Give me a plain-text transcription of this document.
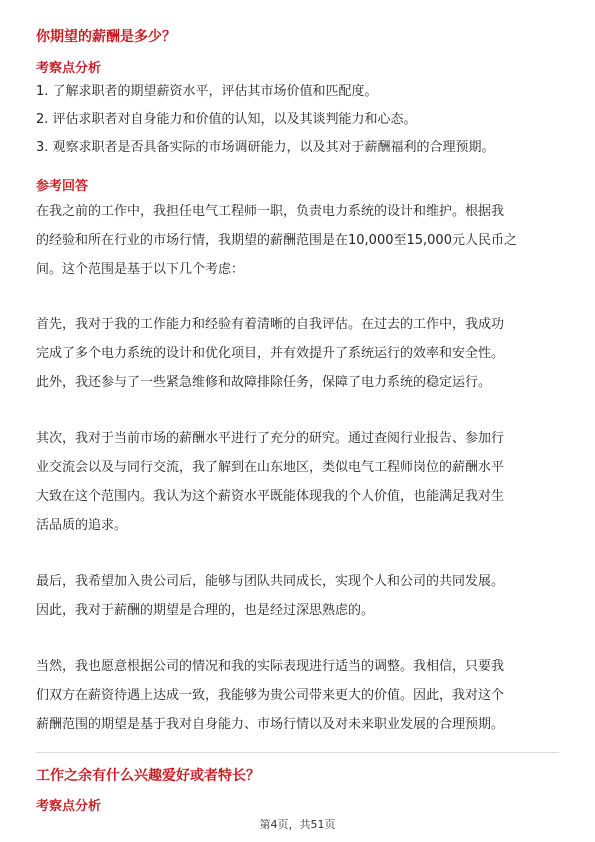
你期望的薪酬是多少？
考察点分析
1. 了解求职者的期望薪资水平，评估其市场价值和匹配度。
2. 评估求职者对自身能力和价值的认知，以及其谈判能力和心态。
3. 观察求职者是否具备实际的市场调研能力，以及其对于薪酬福利的合理预期。
参考回答
在我之前的工作中，我担任电气工程师一职，负责电力系统的设计和维护。根据我
的经验和所在行业的市场行情，我期望的薪酬范围是在10,000至15,000元人民币之
间。这个范围是基于以下几个考虑：
首先，我对于我的工作能力和经验有着清晰的自我评估。在过去的工作中，我成功
完成了多个电力系统的设计和优化项目，并有效提升了系统运行的效率和安全性。
此外，我还参与了一些紧急维修和故障排除任务，保障了电力系统的稳定运行。
其次，我对于当前市场的薪酬水平进行了充分的研究。通过查阅行业报告、参加行
业交流会以及与同行交流，我了解到在山东地区，类似电气工程师岗位的薪酬水平
大致在这个范围内。我认为这个薪资水平既能体现我的个人价值，也能满足我对生
活品质的追求。
最后，我希望加入贵公司后，能够与团队共同成长，实现个人和公司的共同发展。
因此，我对于薪酬的期望是合理的，也是经过深思熟虑的。
当然，我也愿意根据公司的情况和我的实际表现进行适当的调整。我相信，只要我
们双方在薪资待遇上达成一致，我能够为贵公司带来更大的价值。因此，我对这个
薪酬范围的期望是基于我对自身能力、市场行情以及对未来职业发展的合理预期。
工作之余有什么兴趣爱好或者特长？
考察点分析
第4页，共51页
